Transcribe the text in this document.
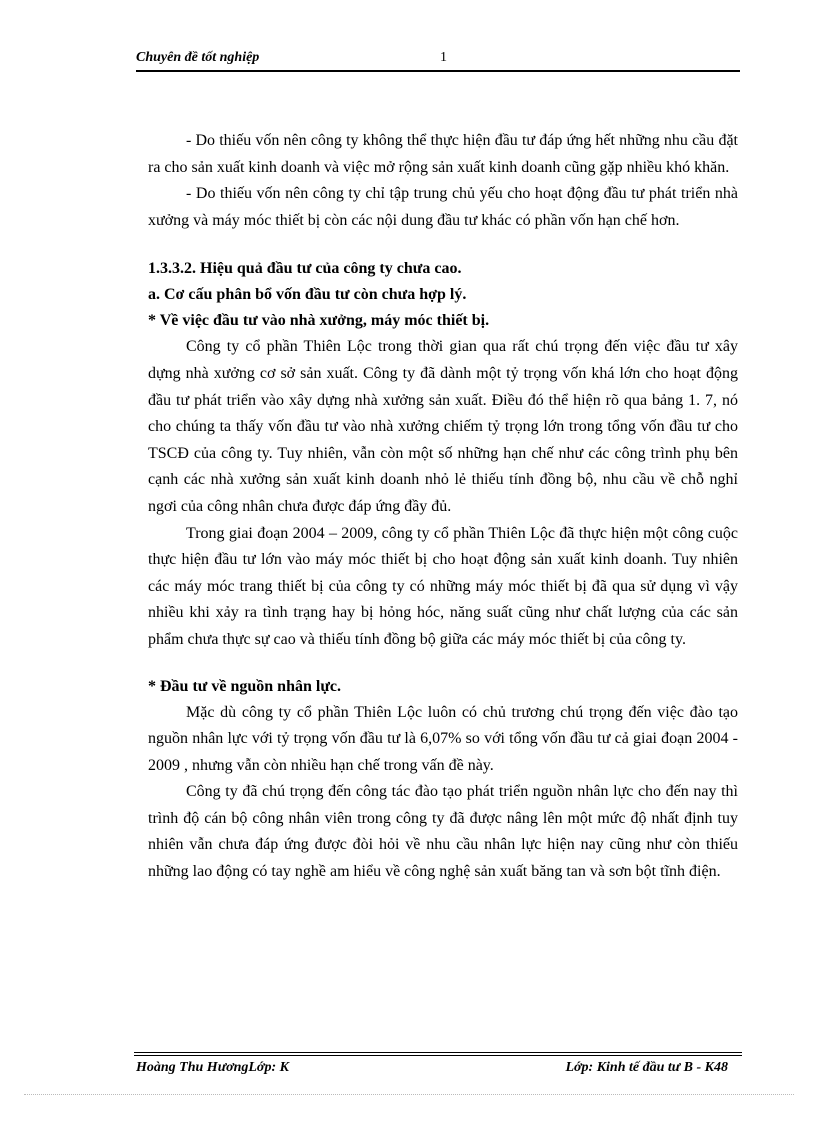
Chuyên đề tốt nghiệp	1

- Do thiếu vốn nên công ty không thể thực hiện đầu tư đáp ứng hết những nhu cầu đặt ra cho sản xuất kinh doanh và việc mở rộng sản xuất kinh doanh cũng gặp nhiều khó khăn.

- Do thiếu vốn nên công ty chỉ tập trung chủ yếu cho hoạt động đầu tư phát triển nhà xưởng và máy móc thiết bị còn các nội dung đầu tư khác có phần vốn hạn chế hơn.

1.3.3.2. Hiệu quả đầu tư của công ty chưa cao.

a. Cơ cấu phân bổ vốn đầu tư còn chưa hợp lý.

* Về việc đầu tư vào nhà xưởng, máy móc thiết bị.

Công ty cổ phần Thiên Lộc trong thời gian qua rất chú trọng đến việc đầu tư xây dựng nhà xưởng cơ sở sản xuất. Công ty đã dành một tỷ trọng vốn khá lớn cho hoạt động đầu tư phát triển vào xây dựng nhà xưởng sản xuất. Điều đó thể hiện rõ qua bảng 1. 7, nó cho chúng ta thấy vốn đầu tư vào nhà xưởng chiếm tỷ trọng lớn trong tổng vốn đầu tư cho TSCĐ của công ty. Tuy nhiên, vẫn còn một số những hạn chế như các công trình phụ bên cạnh các nhà xưởng sản xuất kinh doanh nhỏ lẻ thiếu tính đồng bộ, nhu cầu về chỗ nghỉ ngơi của công nhân chưa được đáp ứng đầy đủ.

Trong giai đoạn 2004 – 2009, công ty cổ phần Thiên Lộc đã thực hiện một công cuộc thực hiện đầu tư lớn vào máy móc thiết bị cho hoạt động sản xuất kinh doanh. Tuy nhiên các máy móc trang thiết bị của công ty có những máy móc thiết bị đã qua sử dụng vì vậy nhiều khi xảy ra tình trạng hay bị hỏng hóc, năng suất cũng như chất lượng của các sản phẩm chưa thực sự cao và thiếu tính đồng bộ giữa các máy móc thiết bị của công ty.

* Đầu tư về nguồn nhân lực.

Mặc dù công ty cổ phần Thiên Lộc luôn có chủ trương chú trọng đến việc đào tạo nguồn nhân lực với tỷ trọng vốn đầu tư là 6,07% so với tổng vốn đầu tư cả giai đoạn 2004 - 2009 , nhưng vẫn còn nhiều hạn chế trong vấn đề này.

Công ty đã chú trọng đến công tác đào tạo phát triển nguồn nhân lực cho đến nay thì trình độ cán bộ công nhân viên trong công ty đã được nâng lên một mức độ nhất định tuy nhiên vẫn chưa đáp ứng được đòi hỏi về nhu cầu nhân lực hiện nay cũng như còn thiếu những lao động có tay nghề am hiểu về công nghệ sản xuất băng tan và sơn bột tĩnh điện.

Hoàng Thu HươngLớp: K	Lớp: Kinh tế đầu tư B - K48
